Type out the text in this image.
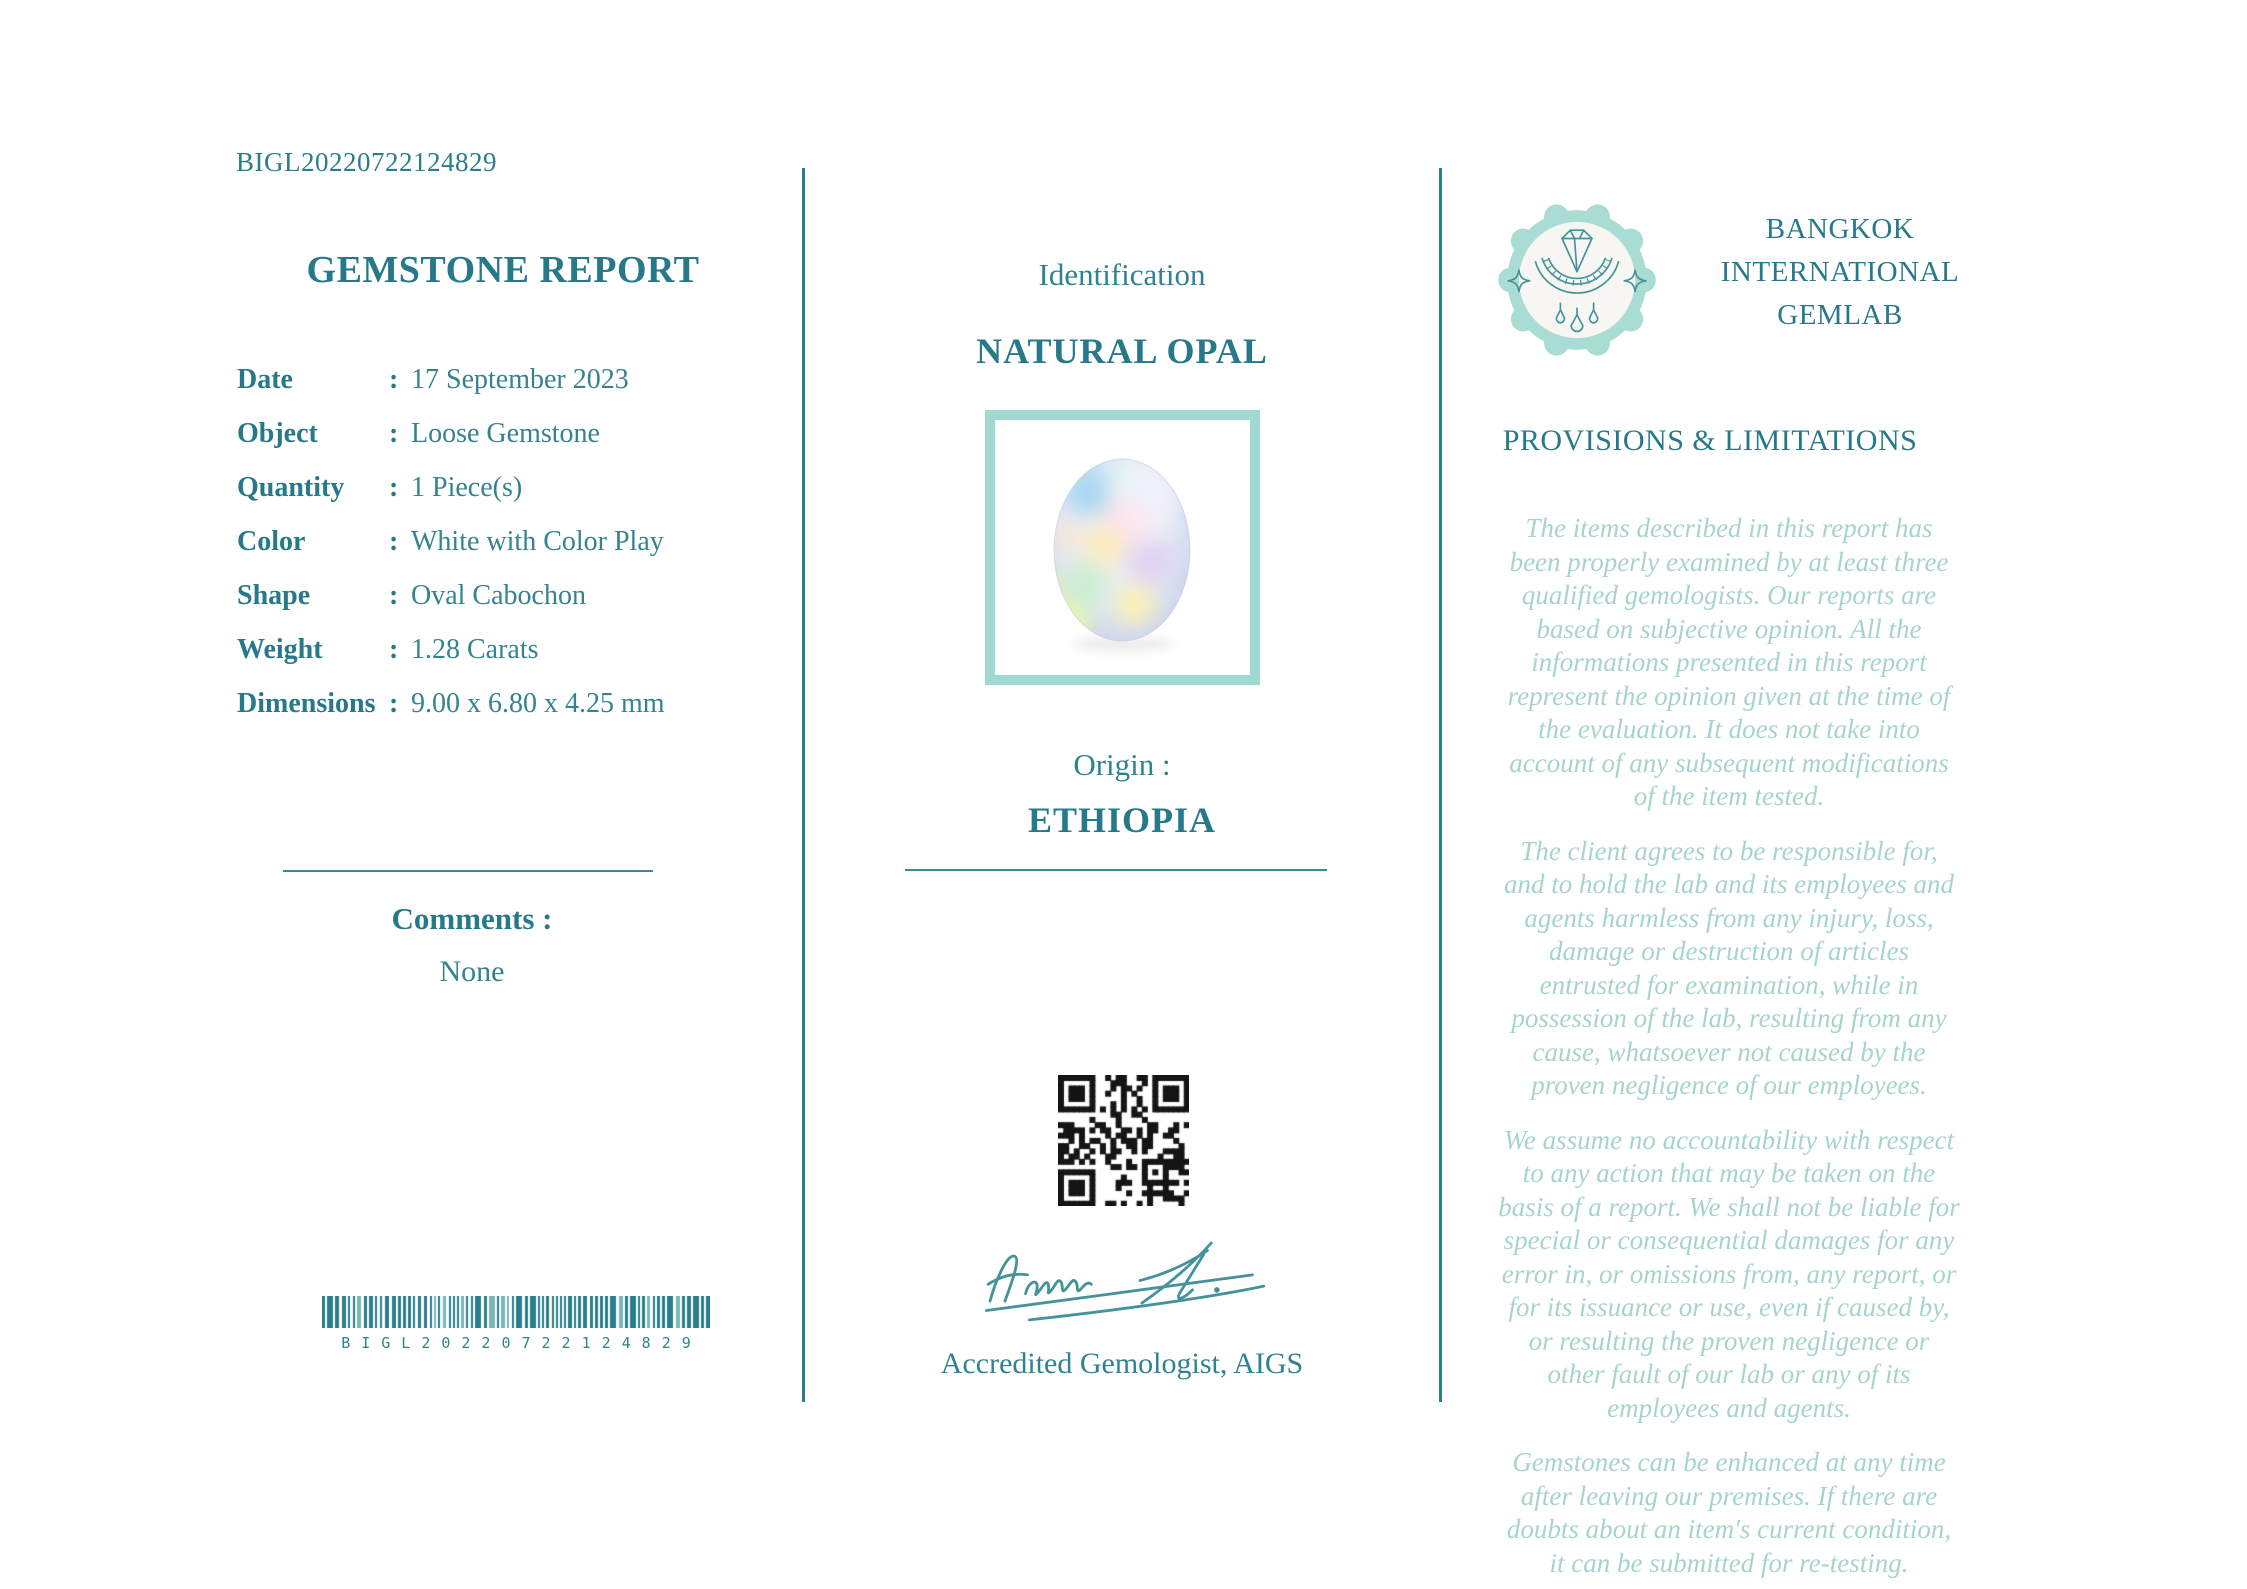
BIGL20220722124829
GEMSTONE REPORT
Date	: 17 September 2023
Object	: Loose Gemstone
Quantity	: 1 Piece(s)
Color	: White with Color Play
Shape	: Oval Cabochon
Weight	: 1.28 Carats
Dimensions : 9.00 x 6.80 x 4.25 mm
Comments :
None
BIGL20220722124829
Identification
NATURAL OPAL
Origin :
ETHIOPIA
Accredited Gemologist, AIGS
BANGKOK
INTERNATIONAL
GEMLAB
PROVISIONS & LIMITATIONS

The items described in this report has been properly examined by at least three qualified gemologists. Our reports are based on subjective opinion. All the informations presented in this report represent the opinion given at the time of the evaluation. It does not take into account of any subsequent modifications of the item tested.

The client agrees to be responsible for, and to hold the lab and its employees and agents harmless from any injury, loss, damage or destruction of articles entrusted for examination, while in possession of the lab, resulting from any cause, whatsoever not caused by the proven negligence of our employees.

We assume no accountability with respect to any action that may be taken on the basis of a report. We shall not be liable for special or consequential damages for any error in, or omissions from, any report, or for its issuance or use, even if caused by, or resulting the proven negligence or other fault of our lab or any of its employees and agents.

Gemstones can be enhanced at any time after leaving our premises. If there are doubts about an item's current condition, it can be submitted for re-testing.
